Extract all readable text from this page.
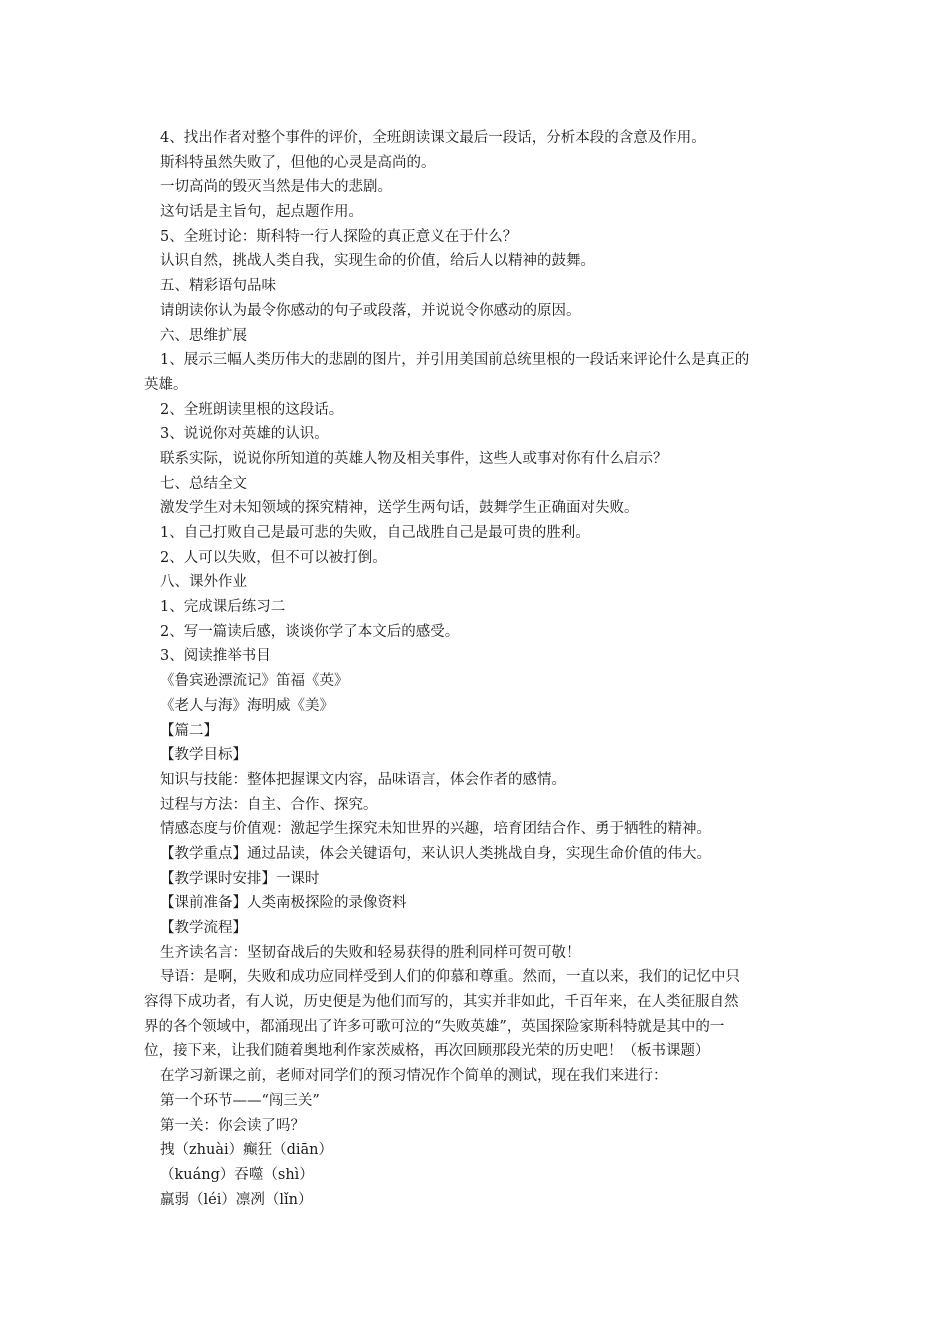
4、找出作者对整个事件的评价，全班朗读课文最后一段话，分析本段的含意及作用。
斯科特虽然失败了，但他的心灵是高尚的。
一切高尚的毁灭当然是伟大的悲剧。
这句话是主旨句，起点题作用。
5、全班讨论：斯科特一行人探险的真正意义在于什么？
认识自然，挑战人类自我，实现生命的价值，给后人以精神的鼓舞。
五、精彩语句品味
请朗读你认为最令你感动的句子或段落，并说说令你感动的原因。
六、思维扩展
1、展示三幅人类历伟大的悲剧的图片，并引用美国前总统里根的一段话来评论什么是真正的
英雄。
2、全班朗读里根的这段话。
3、说说你对英雄的认识。
联系实际，说说你所知道的英雄人物及相关事件，这些人或事对你有什么启示？
七、总结全文
激发学生对未知领域的探究精神，送学生两句话，鼓舞学生正确面对失败。
1、自己打败自己是最可悲的失败，自己战胜自己是最可贵的胜利。
2、人可以失败，但不可以被打倒。
八、课外作业
1、完成课后练习二
2、写一篇读后感，谈谈你学了本文后的感受。
3、阅读推举书目
《鲁宾逊漂流记》笛福《英》
《老人与海》海明威《美》
【篇二】
【教学目标】
知识与技能：整体把握课文内容，品味语言，体会作者的感情。
过程与方法：自主、合作、探究。
情感态度与价值观：激起学生探究未知世界的兴趣，培育团结合作、勇于牺牲的精神。
【教学重点】通过品读，体会关键语句，来认识人类挑战自身，实现生命价值的伟大。
【教学课时安排】一课时
【课前准备】人类南极探险的录像资料
【教学流程】
生齐读名言：坚韧奋战后的失败和轻易获得的胜利同样可贺可敬！
导语：是啊，失败和成功应同样受到人们的仰慕和尊重。然而，一直以来，我们的记忆中只
容得下成功者，有人说，历史便是为他们而写的，其实并非如此，千百年来，在人类征服自然
界的各个领域中，都涌现出了许多可歌可泣的“失败英雄”，英国探险家斯科特就是其中的一
位，接下来，让我们随着奥地利作家茨威格，再次回顾那段光荣的历史吧！（板书课题）
在学习新课之前，老师对同学们的预习情况作个简单的测试，现在我们来进行：
第一个环节——“闯三关”
第一关：你会读了吗？
拽（zhuài）癫狂（diān）
（kuáng）吞噬（shì）
羸弱（léi）凛冽（lǐn）
